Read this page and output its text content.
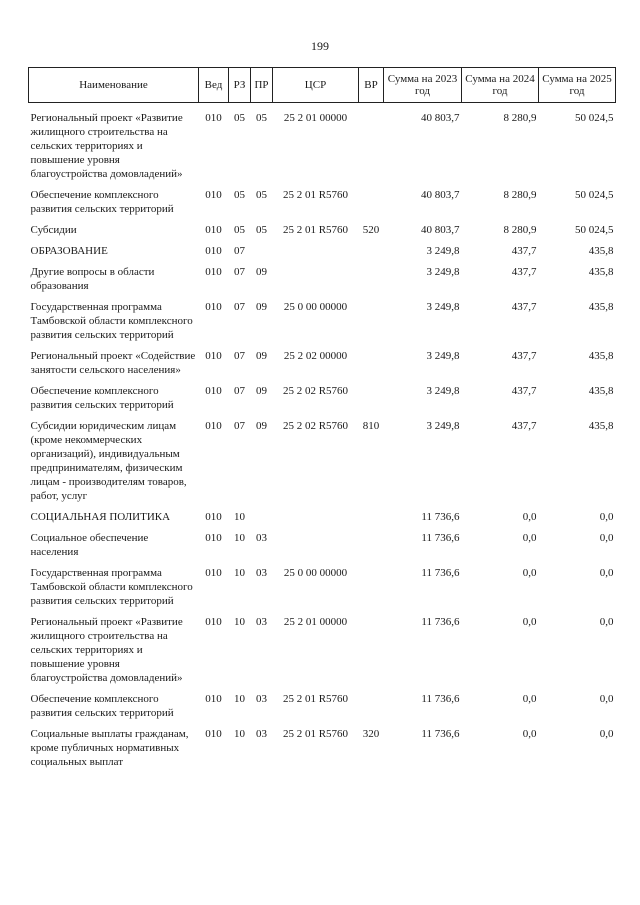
199
Наименование	Вед	РЗ	ПР	ЦСР	ВР	Сумма на 2023 год	Сумма на 2024 год	Сумма на 2025 год
Региональный проект «Развитие жилищного строительства на сельских территориях и повышение уровня благоустройства домовладений»	010	05	05	25 2 01 00000		40 803,7	8 280,9	50 024,5
Обеспечение комплексного развития сельских территорий	010	05	05	25 2 01 R5760		40 803,7	8 280,9	50 024,5
Субсидии	010	05	05	25 2 01 R5760	520	40 803,7	8 280,9	50 024,5
ОБРАЗОВАНИЕ	010	07				3 249,8	437,7	435,8
Другие вопросы в области образования	010	07	09			3 249,8	437,7	435,8
Государственная программа Тамбовской области комплексного развития сельских территорий	010	07	09	25 0 00 00000		3 249,8	437,7	435,8
Региональный проект «Содействие занятости сельского населения»	010	07	09	25 2 02 00000		3 249,8	437,7	435,8
Обеспечение комплексного развития сельских территорий	010	07	09	25 2 02 R5760		3 249,8	437,7	435,8
Субсидии юридическим лицам (кроме некоммерческих организаций), индивидуальным предпринимателям, физическим лицам - производителям товаров, работ, услуг	010	07	09	25 2 02 R5760	810	3 249,8	437,7	435,8
СОЦИАЛЬНАЯ ПОЛИТИКА	010	10				11 736,6	0,0	0,0
Социальное обеспечение населения	010	10	03			11 736,6	0,0	0,0
Государственная программа Тамбовской области комплексного развития сельских территорий	010	10	03	25 0 00 00000		11 736,6	0,0	0,0
Региональный проект «Развитие жилищного строительства на сельских территориях и повышение уровня благоустройства домовладений»	010	10	03	25 2 01 00000		11 736,6	0,0	0,0
Обеспечение комплексного развития сельских территорий	010	10	03	25 2 01 R5760		11 736,6	0,0	0,0
Социальные выплаты гражданам, кроме публичных нормативных социальных выплат	010	10	03	25 2 01 R5760	320	11 736,6	0,0	0,0
